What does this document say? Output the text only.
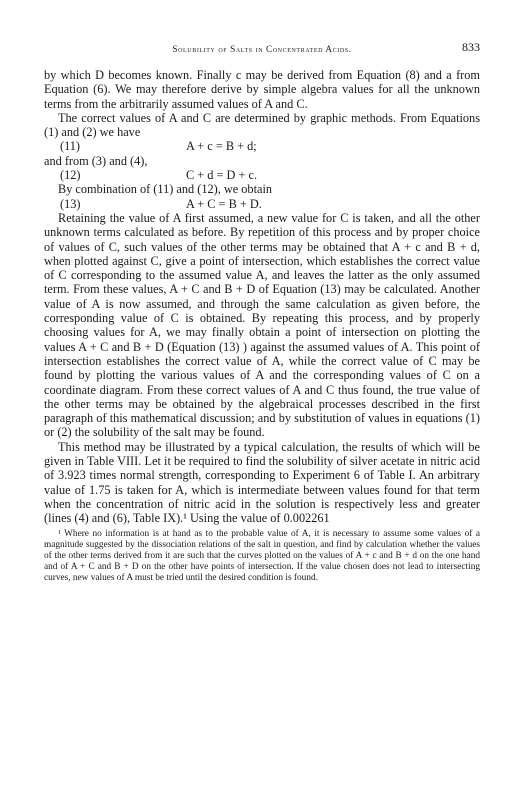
Solubility of Salts in Concentrated Acids.	833

by which D becomes known. Finally c may be derived from Equation (8) and a from Equation (6). We may therefore derive by simple algebra values for all the unknown terms from the arbitrarily assumed values of A and C.

The correct values of A and C are determined by graphic methods. From Equations (1) and (2) we have

(11)	A + c = B + d;

and from (3) and (4),

(12)	C + d = D + c.

By combination of (11) and (12), we obtain

(13)	A + C = B + D.

Retaining the value of A first assumed, a new value for C is taken, and all the other unknown terms calculated as before. By repetition of this process and by proper choice of values of C, such values of the other terms may be obtained that A + c and B + d, when plotted against C, give a point of intersection, which establishes the correct value of C corresponding to the assumed value A, and leaves the latter as the only assumed term. From these values, A + C and B + D of Equation (13) may be calculated. Another value of A is now assumed, and through the same calculation as given before, the corresponding value of C is obtained. By repeating this process, and by properly choosing values for A, we may finally obtain a point of intersection on plotting the values A + C and B + D (Equation (13) ) against the assumed values of A. This point of intersection establishes the correct value of A, while the correct value of C may be found by plotting the various values of A and the corresponding values of C on a coordinate diagram. From these correct values of A and C thus found, the true value of the other terms may be obtained by the algebraical processes described in the first paragraph of this mathematical discussion; and by substitution of values in equations (1) or (2) the solubility of the salt may be found.

This method may be illustrated by a typical calculation, the results of which will be given in Table VIII. Let it be required to find the solubility of silver acetate in nitric acid of 3.923 times normal strength, corresponding to Experiment 6 of Table I. An arbitrary value of 1.75 is taken for A, which is intermediate between values found for that term when the concentration of nitric acid in the solution is respectively less and greater (lines (4) and (6), Table IX).¹ Using the value of 0.002261

¹ Where no information is at hand as to the probable value of A, it is necessary to assume some values of a magnitude suggested by the dissociation relations of the salt in question, and find by calculation whether the values of the other terms derived from it are such that the curves plotted on the values of A + c and B + d on the one hand and of A + C and B + D on the other have points of intersection. If the value chosen does not lead to intersecting curves, new values of A must be tried until the desired condition is found.
